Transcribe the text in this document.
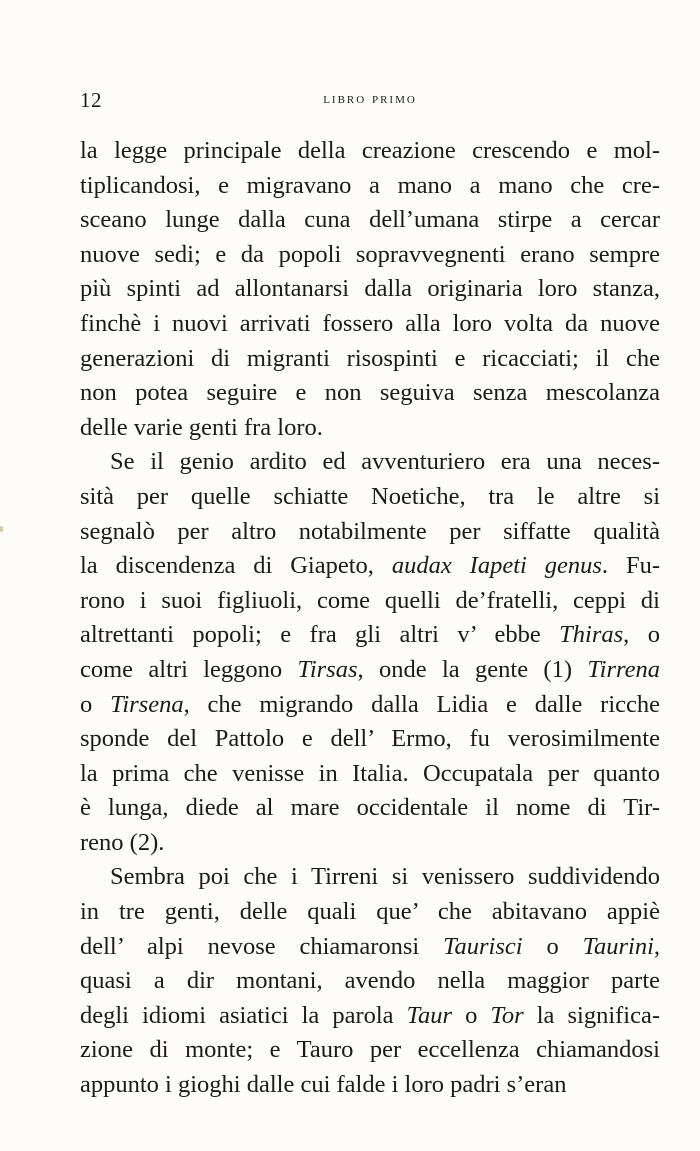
12	libro primo
la legge principale della creazione crescendo e mol-
tiplicandosi, e migravano a mano a mano che cre-
sceano lunge dalla cuna dell’umana stirpe a cercar
nuove sedi; e da popoli sopravvegnenti erano sempre
più spinti ad allontanarsi dalla originaria loro stanza,
finchè i nuovi arrivati fossero alla loro volta da nuove
generazioni di migranti risospinti e ricacciati; il che
non potea seguire e non seguiva senza mescolanza
delle varie genti fra loro.
Se il genio ardito ed avventuriero era una neces-
sità per quelle schiatte Noetiche, tra le altre si
segnalò per altro notabilmente per siffatte qualità
la discendenza di Giapeto, audax Iapeti genus. Fu-
rono i suoi figliuoli, come quelli de’fratelli, ceppi di
altrettanti popoli; e fra gli altri v’ ebbe Thiras, o
come altri leggono Tirsas, onde la gente (1) Tirrena
o Tirsena, che migrando dalla Lidia e dalle ricche
sponde del Pattolo e dell’ Ermo, fu verosimilmente
la prima che venisse in Italia. Occupatala per quanto
è lunga, diede al mare occidentale il nome di Tir-
reno (2).
Sembra poi che i Tirreni si venissero suddividendo
in tre genti, delle quali que’ che abitavano appiè
dell’ alpi nevose chiamaronsi Taurisci o Taurini,
quasi a dir montani, avendo nella maggior parte
degli idiomi asiatici la parola Taur o Tor la significa-
zione di monte; e Tauro per eccellenza chiamandosi
appunto i gioghi dalle cui falde i loro padri s’eran
